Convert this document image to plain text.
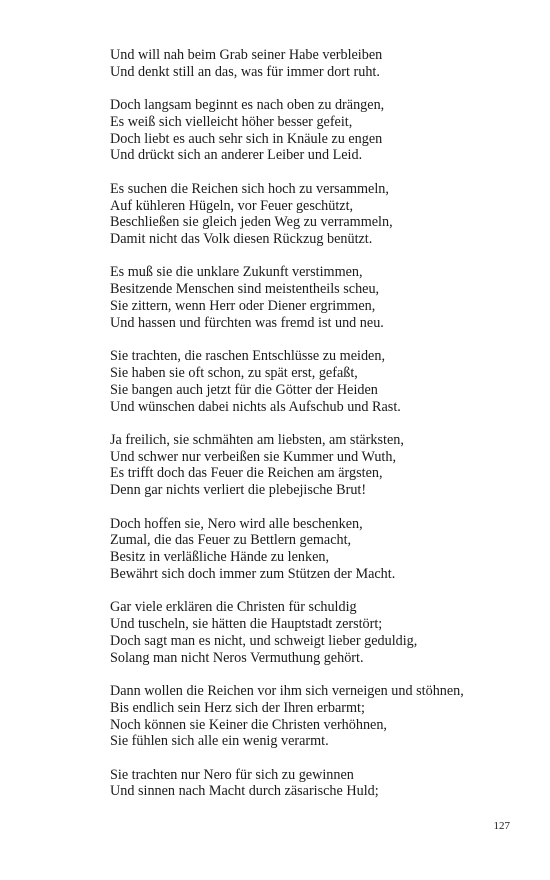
Und will nah beim Grab seiner Habe verbleiben
Und denkt still an das, was für immer dort ruht.
Doch langsam beginnt es nach oben zu drängen,
Es weiß sich vielleicht höher besser gefeit,
Doch liebt es auch sehr sich in Knäule zu engen
Und drückt sich an anderer Leiber und Leid.
Es suchen die Reichen sich hoch zu versammeln,
Auf kühleren Hügeln, vor Feuer geschützt,
Beschließen sie gleich jeden Weg zu verrammeln,
Damit nicht das Volk diesen Rückzug benützt.
Es muß sie die unklare Zukunft verstimmen,
Besitzende Menschen sind meistentheils scheu,
Sie zittern, wenn Herr oder Diener ergrimmen,
Und hassen und fürchten was fremd ist und neu.
Sie trachten, die raschen Entschlüsse zu meiden,
Sie haben sie oft schon, zu spät erst, gefaßt,
Sie bangen auch jetzt für die Götter der Heiden
Und wünschen dabei nichts als Aufschub und Rast.
Ja freilich, sie schmähten am liebsten, am stärksten,
Und schwer nur verbeißen sie Kummer und Wuth,
Es trifft doch das Feuer die Reichen am ärgsten,
Denn gar nichts verliert die plebejische Brut!
Doch hoffen sie, Nero wird alle beschenken,
Zumal, die das Feuer zu Bettlern gemacht,
Besitz in verläßliche Hände zu lenken,
Bewährt sich doch immer zum Stützen der Macht.
Gar viele erklären die Christen für schuldig
Und tuscheln, sie hätten die Hauptstadt zerstört;
Doch sagt man es nicht, und schweigt lieber geduldig,
Solang man nicht Neros Vermuthung gehört.
Dann wollen die Reichen vor ihm sich verneigen und stöhnen,
Bis endlich sein Herz sich der Ihren erbarmt;
Noch können sie Keiner die Christen verhöhnen,
Sie fühlen sich alle ein wenig verarmt.
Sie trachten nur Nero für sich zu gewinnen
Und sinnen nach Macht durch zäsarische Huld;
127
